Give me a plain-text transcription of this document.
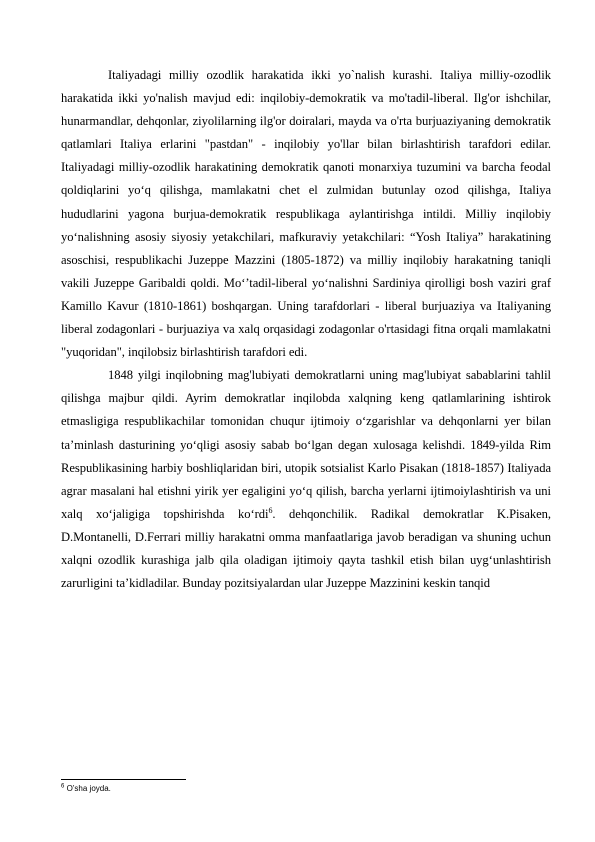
Italiyadagi milliy ozodlik harakatida ikki yo`nalish kurashi. Italiya milliy-ozodlik harakatida ikki yo'nalish mavjud edi: inqilobiy-demokratik va mo'tadil-liberal. Ilg'or ishchilar, hunarmandlar, dehqonlar, ziyolilarning ilg'or doiralari, mayda va o'rta burjuaziyaning demokratik qatlamlari Italiya erlarini "pastdan" - inqilobiy yo'llar bilan birlashtirish tarafdori edilar. Italiyadagi milliy-ozodlik harakatining demokratik qanoti monarxiya tuzumini va barcha feodal qoldiqlarini yo‘q qilishga, mamlakatni chet el zulmidan butunlay ozod qilishga, Italiya hududlarini yagona burjua-demokratik respublikaga aylantirishga intildi. Milliy inqilobiy yo‘nalishning asosiy siyosiy yetakchilari, mafkuraviy yetakchilari: “Yosh Italiya” harakatining asoschisi, respublikachi Juzeppe Mazzini (1805-1872) va milliy inqilobiy harakatning taniqli vakili Juzeppe Garibaldi qoldi. Mo‘’tadil-liberal yo‘nalishni Sardiniya qirolligi bosh vaziri graf Kamillo Kavur (1810-1861) boshqargan. Uning tarafdorlari - liberal burjuaziya va Italiyaning liberal zodagonlari - burjuaziya va xalq orqasidagi zodagonlar o'rtasidagi fitna orqali mamlakatni "yuqoridan", inqilobsiz birlashtirish tarafdori edi.

1848 yilgi inqilobning mag'lubiyati demokratlarni uning mag'lubiyat sabablarini tahlil qilishga majbur qildi. Ayrim demokratlar inqilobda xalqning keng qatlamlarining ishtirok etmasligiga respublikachilar tomonidan chuqur ijtimoiy o‘zgarishlar va dehqonlarni yer bilan ta’minlash dasturining yo‘qligi asosiy sabab bo‘lgan degan xulosaga kelishdi. 1849-yilda Rim Respublikasining harbiy boshliqlaridan biri, utopik sotsialist Karlo Pisakan (1818-1857) Italiyada agrar masalani hal etishni yirik yer egaligini yo‘q qilish, barcha yerlarni ijtimoiylashtirish va uni xalq xo‘jaligiga topshirishda ko‘rdi$^6$. dehqonchilik. Radikal demokratlar K.Pisaken, D.Montanelli, D.Ferrari milliy harakatni omma manfaatlariga javob beradigan va shuning uchun xalqni ozodlik kurashiga jalb qila oladigan ijtimoiy qayta tashkil etish bilan uyg‘unlashtirish zarurligini ta’kidladilar. Bunday pozitsiyalardan ular Juzeppe Mazzinini keskin tanqid

$^6$ O’sha joyda.
